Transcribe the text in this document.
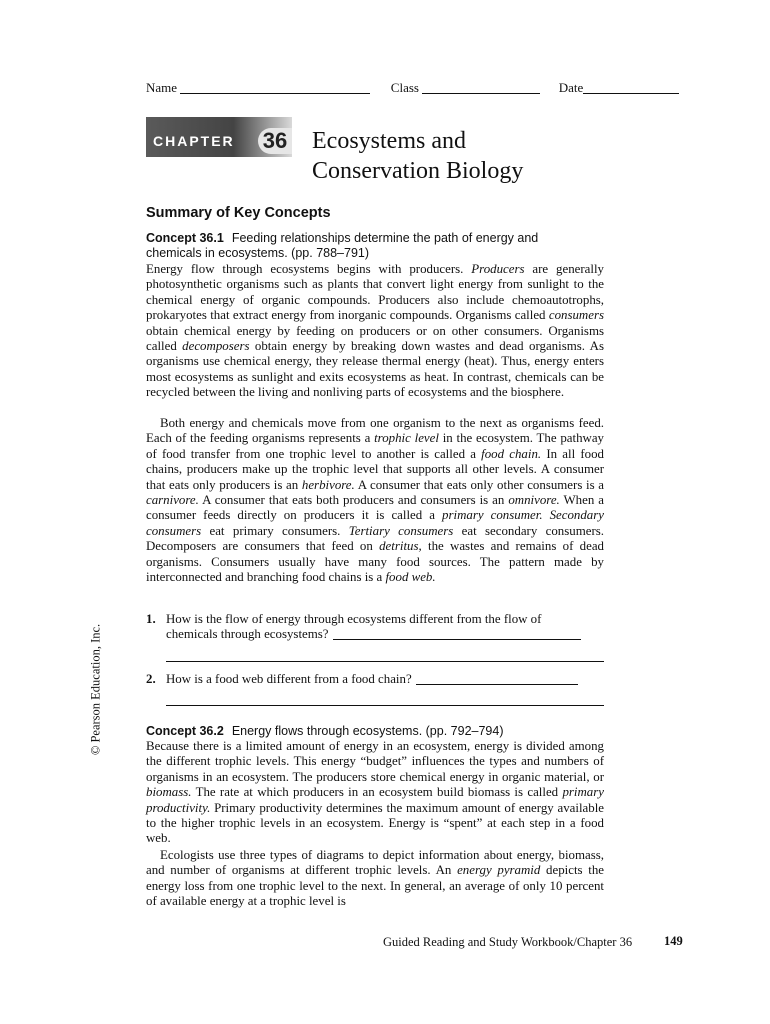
Name	Class	Date
CHAPTER 36 Ecosystems and
Conservation Biology
Summary of Key Concepts
Concept 36.1 Feeding relationships determine the path of energy and
chemicals in ecosystems. (pp. 788–791)
Energy flow through ecosystems begins with producers. Producers are generally photosynthetic organisms such as plants that convert light energy from sunlight to the chemical energy of organic compounds. Producers also include chemoautotrophs, prokaryotes that extract energy from inorganic compounds. Organisms called consumers obtain chemical energy by feeding on producers or on other consumers. Organisms called decomposers obtain energy by breaking down wastes and dead organisms. As organisms use chemical energy, they release thermal energy (heat). Thus, energy enters most ecosystems as sunlight and exits ecosystems as heat. In contrast, chemicals can be recycled between the living and nonliving parts of ecosystems and the biosphere.
Both energy and chemicals move from one organism to the next as organisms feed. Each of the feeding organisms represents a trophic level in the ecosystem. The pathway of food transfer from one trophic level to another is called a food chain. In all food chains, producers make up the trophic level that supports all other levels. A consumer that eats only producers is an herbivore. A consumer that eats only other consumers is a carnivore. A consumer that eats both producers and consumers is an omnivore. When a consumer feeds directly on producers it is called a primary consumer. Secondary consumers eat primary consumers. Tertiary consumers eat secondary consumers. Decomposers are consumers that feed on detritus, the wastes and remains of dead organisms. Consumers usually have many food sources. The pattern made by interconnected and branching food chains is a food web.
1. How is the flow of energy through ecosystems different from the flow of
chemicals through ecosystems?
2. How is a food web different from a food chain?
Concept 36.2 Energy flows through ecosystems. (pp. 792–794)
Because there is a limited amount of energy in an ecosystem, energy is divided among the different trophic levels. This energy “budget” influences the types and numbers of organisms in an ecosystem. The producers store chemical energy in organic material, or biomass. The rate at which producers in an ecosystem build biomass is called primary productivity. Primary productivity determines the maximum amount of energy available to the higher trophic levels in an ecosystem. Energy is “spent” at each step in a food web.
Ecologists use three types of diagrams to depict information about energy, biomass, and number of organisms at different trophic levels. An energy pyramid depicts the energy loss from one trophic level to the next. In general, an average of only 10 percent of available energy at a trophic level is
© Pearson Education, Inc.
Guided Reading and Study Workbook/Chapter 36	149
